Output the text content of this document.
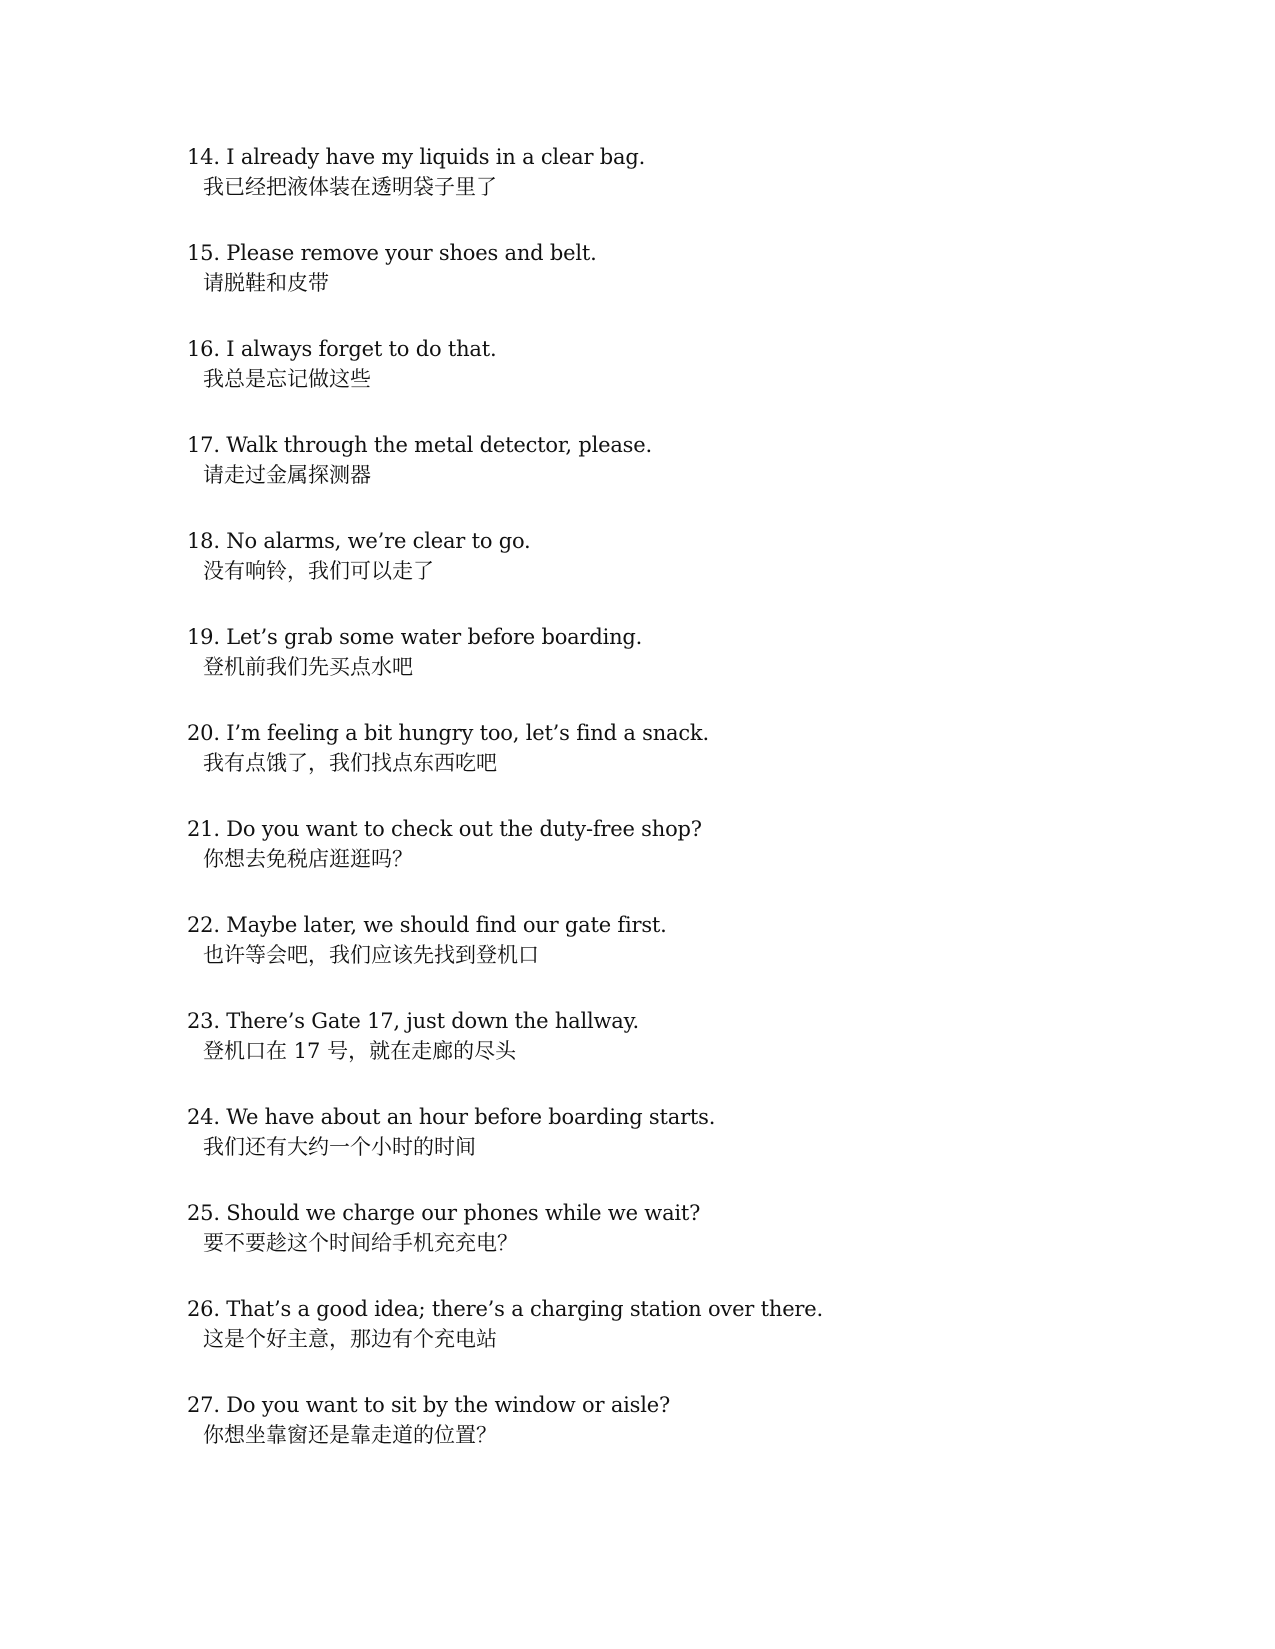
14. I already have my liquids in a clear bag.
我已经把液体装在透明袋子里了
15. Please remove your shoes and belt.
请脱鞋和皮带
16. I always forget to do that.
我总是忘记做这些
17. Walk through the metal detector, please.
请走过金属探测器
18. No alarms, we’re clear to go.
没有响铃，我们可以走了
19. Let’s grab some water before boarding.
登机前我们先买点水吧
20. I’m feeling a bit hungry too, let’s find a snack.
我有点饿了，我们找点东西吃吧
21. Do you want to check out the duty-free shop?
你想去免税店逛逛吗？
22. Maybe later, we should find our gate first.
也许等会吧，我们应该先找到登机口
23. There’s Gate 17, just down the hallway.
登机口在 17 号，就在走廊的尽头
24. We have about an hour before boarding starts.
我们还有大约一个小时的时间
25. Should we charge our phones while we wait?
要不要趁这个时间给手机充充电？
26. That’s a good idea; there’s a charging station over there.
这是个好主意，那边有个充电站
27. Do you want to sit by the window or aisle?
你想坐靠窗还是靠走道的位置？
